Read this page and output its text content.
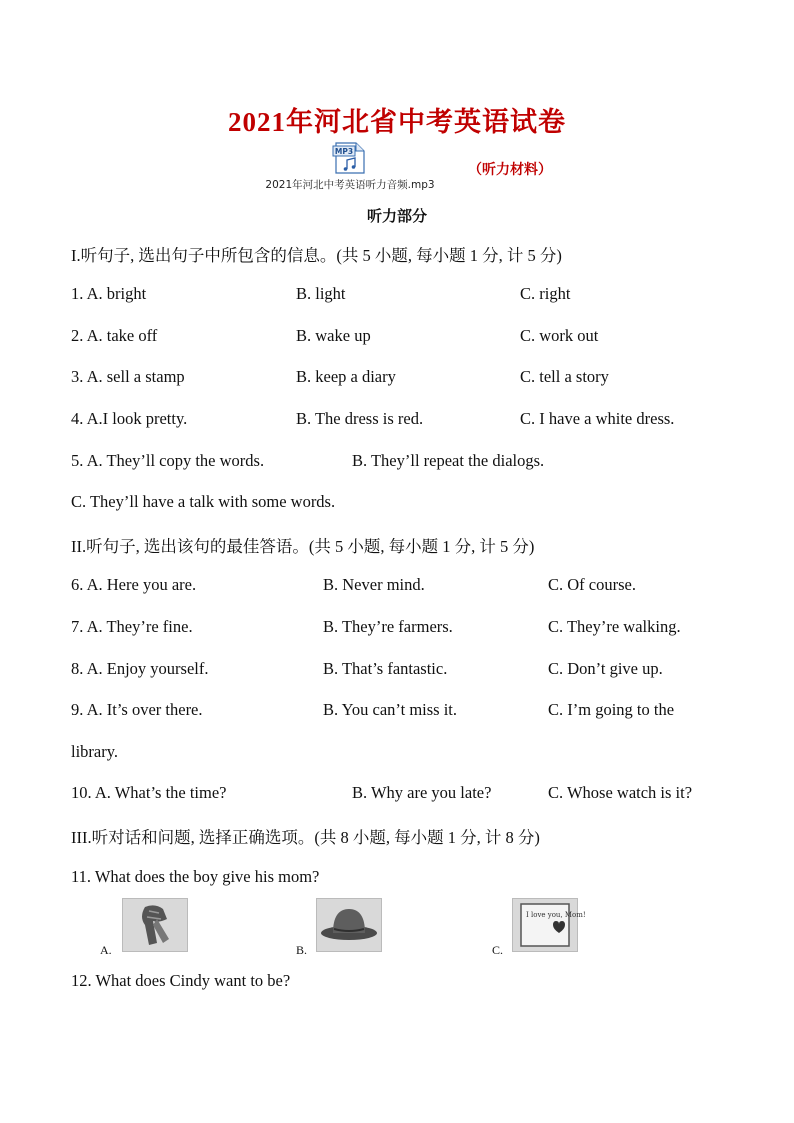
2021年河北省中考英语试卷
MP3
2021年河北中考英语听力音频.mp3
（听力材料）
听力部分
I.听句子, 选出句子中所包含的信息。(共 5 小题, 每小题 1 分, 计 5 分)
1. A. bright	B. light	C. right
2. A. take off	B. wake up	C. work out
3. A. sell a stamp	B. keep a diary	C. tell a story
4. A.I look pretty.	B. The dress is red.	C. I have a white dress.
5. A. They’ll copy the words.	B. They’ll repeat the dialogs.
C. They’ll have a talk with some words.
II.听句子, 选出该句的最佳答语。(共 5 小题, 每小题 1 分, 计 5 分)
6. A. Here you are.	B. Never mind.	C. Of course.
7. A. They’re fine.	B. They’re farmers.	C. They’re walking.
8. A. Enjoy yourself.	B. That’s fantastic.	C. Don’t give up.
9. A. It’s over there.	B. You can’t miss it.	C. I’m going to the
library.
10. A. What’s the time?	B. Why are you late?	C. Whose watch is it?
III.听对话和问题, 选择正确选项。(共 8 小题, 每小题 1 分, 计 8 分)
11. What does the boy give his mom?
A.	B.	C.
I love you, Mom!
12. What does Cindy want to be?
